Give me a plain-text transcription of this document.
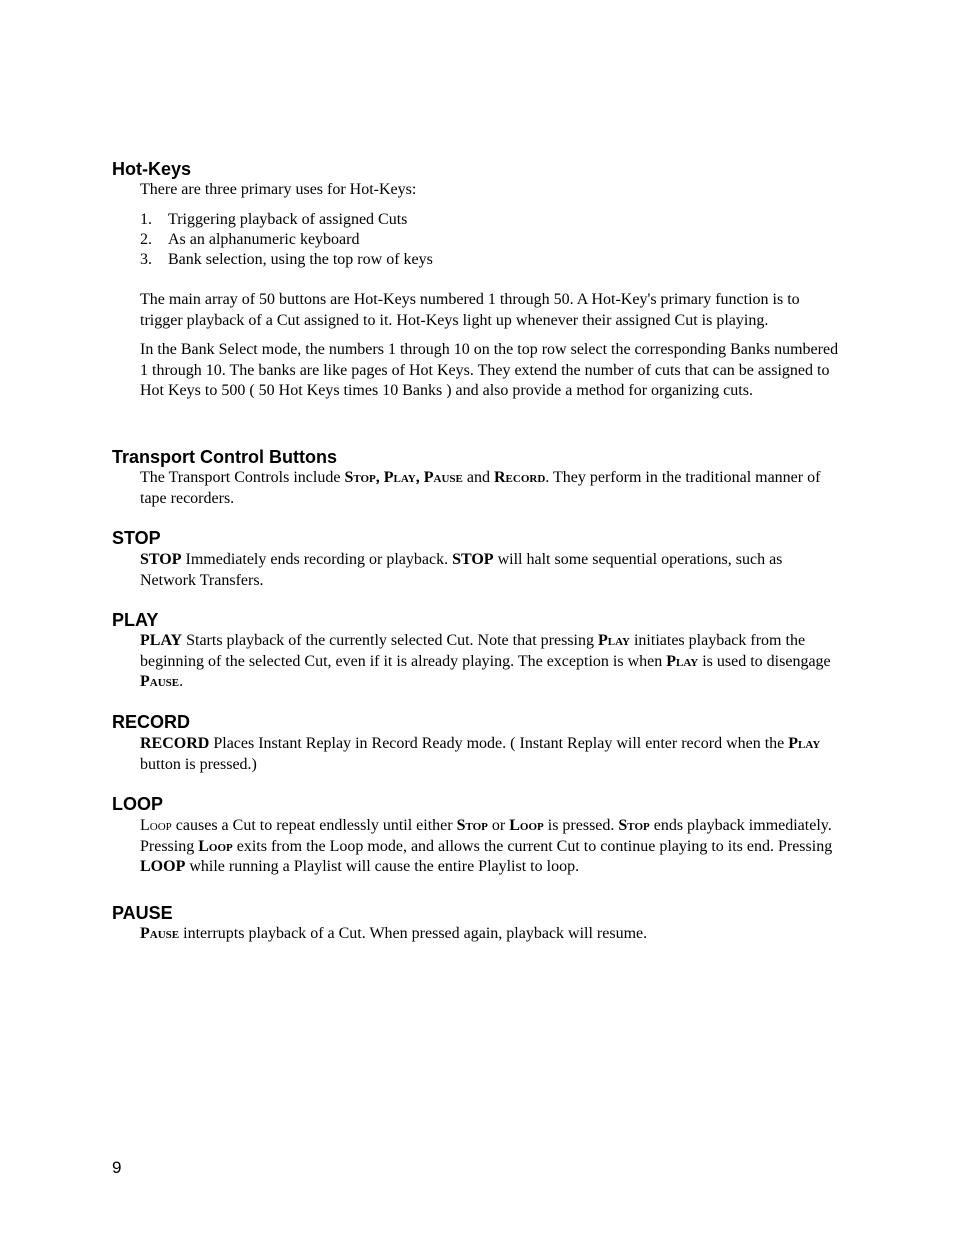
Hot-Keys

There are three primary uses for Hot-Keys:

1. Triggering playback of assigned Cuts
2. As an alphanumeric keyboard
3. Bank selection, using the top row of keys

The main array of 50 buttons are Hot-Keys numbered 1 through 50. A Hot-Key's primary function is to trigger playback of a Cut assigned to it. Hot-Keys light up whenever their assigned Cut is playing.

In the Bank Select mode, the numbers 1 through 10 on the top row select the corresponding Banks numbered 1 through 10. The banks are like pages of Hot Keys. They extend the number of cuts that can be assigned to Hot Keys to 500 ( 50 Hot Keys times 10 Banks ) and also provide a method for organizing cuts.

Transport Control Buttons

The Transport Controls include Stop, Play, Pause and Record. They perform in the traditional manner of tape recorders.

STOP

STOP Immediately ends recording or playback. STOP will halt some sequential operations, such as Network Transfers.

PLAY

PLAY Starts playback of the currently selected Cut. Note that pressing Play initiates playback from the beginning of the selected Cut, even if it is already playing. The exception is when Play is used to disengage Pause.

RECORD

RECORD Places Instant Replay in Record Ready mode. ( Instant Replay will enter record when the Play button is pressed.)

LOOP

Loop causes a Cut to repeat endlessly until either Stop or Loop is pressed. Stop ends playback immediately. Pressing Loop exits from the Loop mode, and allows the current Cut to continue playing to its end. Pressing LOOP while running a Playlist will cause the entire Playlist to loop.

PAUSE

Pause interrupts playback of a Cut. When pressed again, playback will resume.

9
